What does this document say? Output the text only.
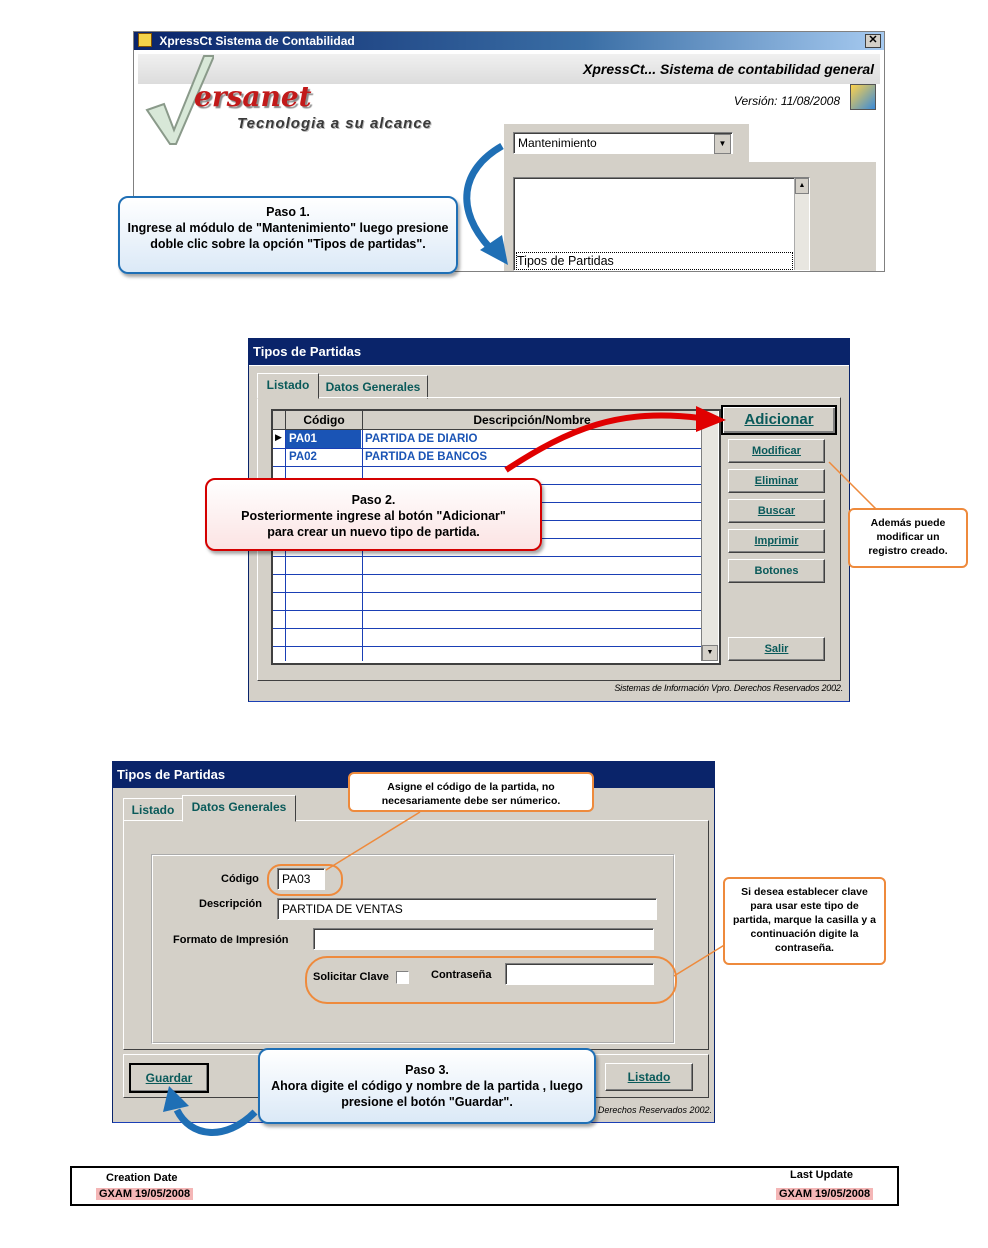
XpressCt Sistema de Contabilidad	✕
XpressCt... Sistema de contabilidad general
Versión: 11/08/2008
ersanet
Tecnologia a su alcance
Mantenimiento	▼
▲
Tipos de Partidas
Paso 1.
Ingrese al módulo de "Mantenimiento" luego presione doble clic sobre la opción "Tipos de partidas".
Tipos de Partidas
Listado	Datos Generales
Código	Descripción/Nombre
▶ PA01	PARTIDA DE DIARIO
PA02	PARTIDA DE BANCOS
▼
Adicionar
Modificar
Eliminar
Buscar
Imprimir
Botones
Salir
Sistemas de Información Vpro. Derechos Reservados 2002.
Paso 2.
Posteriormente ingrese al botón "Adicionar" para crear un nuevo tipo de partida.
Además puede modificar un registro creado.
Tipos de Partidas
Listado	Datos Generales
Código	PA03
Descripción	PARTIDA DE VENTAS
Formato de Impresión
Solicitar Clave	Contraseña
Guardar	Listado
Derechos Reservados 2002.
Asigne el código de la partida, no necesariamente debe ser númerico.
Si desea establecer clave para usar este tipo de partida, marque la casilla y a continuación digite la contraseña.
Paso 3.
Ahora digite el código y nombre de la partida , luego presione el botón "Guardar".
Creation Date
GXAM 19/05/2008
Last Update
GXAM 19/05/2008
